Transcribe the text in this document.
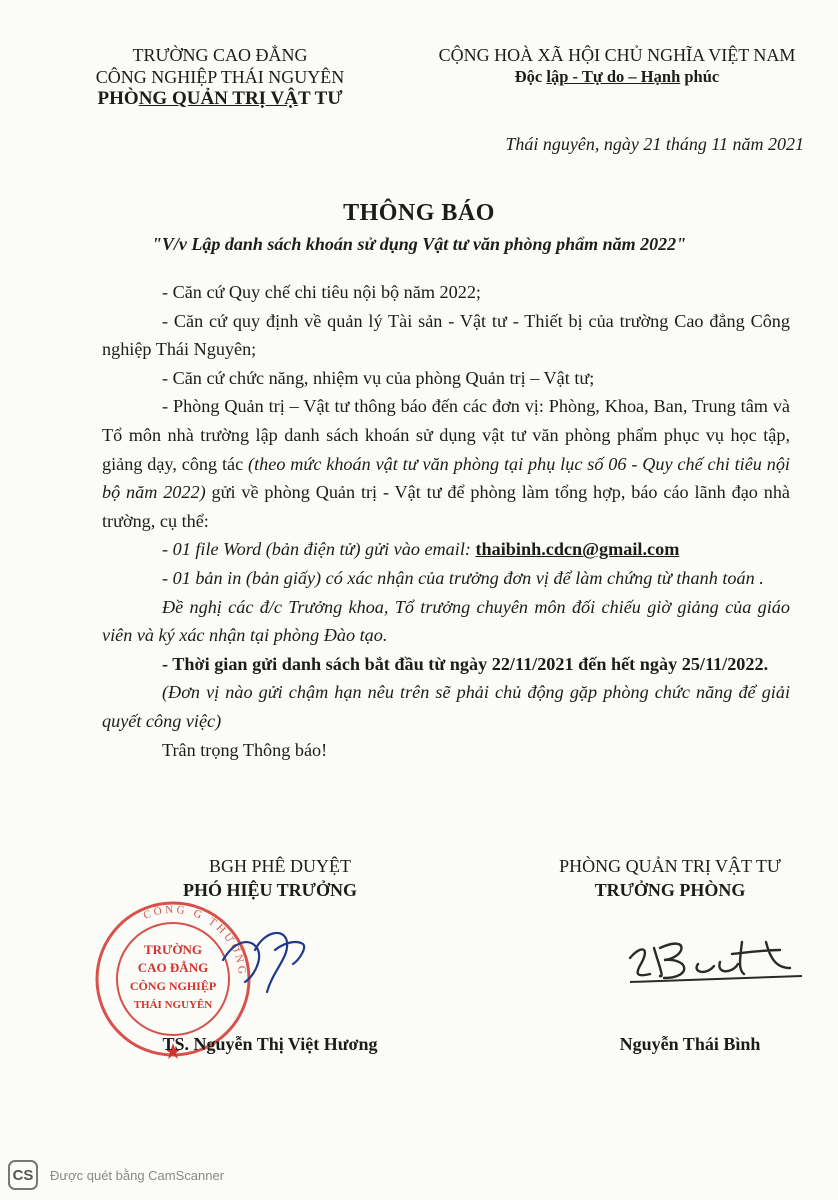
TRƯỜNG CAO ĐẲNG
CÔNG NGHIỆP THÁI NGUYÊN
PHÒNG QUẢN TRỊ VẬT TƯ
CỘNG HOÀ XÃ HỘI CHỦ NGHĨA VIỆT NAM
Độc lập - Tự do – Hạnh phúc
Thái nguyên, ngày 21 tháng 11 năm 2021
THÔNG BÁO
"V/v Lập danh sách khoán sử dụng Vật tư văn phòng phẩm năm 2022"

- Căn cứ Quy chế chi tiêu nội bộ năm 2022;

- Căn cứ quy định về quản lý Tài sản - Vật tư - Thiết bị của trường Cao đẳng Công nghiệp Thái Nguyên;

- Căn cứ chức năng, nhiệm vụ của phòng Quản trị – Vật tư;

- Phòng Quản trị – Vật tư thông báo đến các đơn vị: Phòng, Khoa, Ban, Trung tâm và Tổ môn nhà trường lập danh sách khoán sử dụng vật tư văn phòng phẩm phục vụ học tập, giảng dạy, công tác (theo mức khoán vật tư văn phòng tại phụ lục số 06 - Quy chế chi tiêu nội bộ năm 2022) gửi về phòng Quản trị - Vật tư để phòng làm tổng hợp, báo cáo lãnh đạo nhà trường, cụ thể:

- 01 file Word (bản điện tử) gửi vào email: thaibinh.cdcn@gmail.com

- 01 bản in (bản giấy) có xác nhận của trưởng đơn vị để làm chứng từ thanh toán .

Đề nghị các đ/c Trưởng khoa, Tổ trưởng chuyên môn đối chiếu giờ giảng của giáo viên và ký xác nhận tại phòng Đào tạo.

- Thời gian gửi danh sách bắt đầu từ ngày 22/11/2021 đến hết ngày 25/11/2022.

(Đơn vị nào gửi chậm hạn nêu trên sẽ phải chủ động gặp phòng chức năng để giải quyết công việc)

Trân trọng Thông báo!

BGH PHÊ DUYỆT
PHÓ HIỆU TRƯỞNG
PHÒNG QUẢN TRỊ VẬT TƯ
TRƯỞNG PHÒNG
CÔNG G THƯƠNG
TRƯỜNG
CAO ĐẲNG
CÔNG NGHIỆP
THÁI NGUYÊN
TS. Nguyễn Thị Việt Hương	Nguyễn Thái Bình
CS	Được quét bằng CamScanner
